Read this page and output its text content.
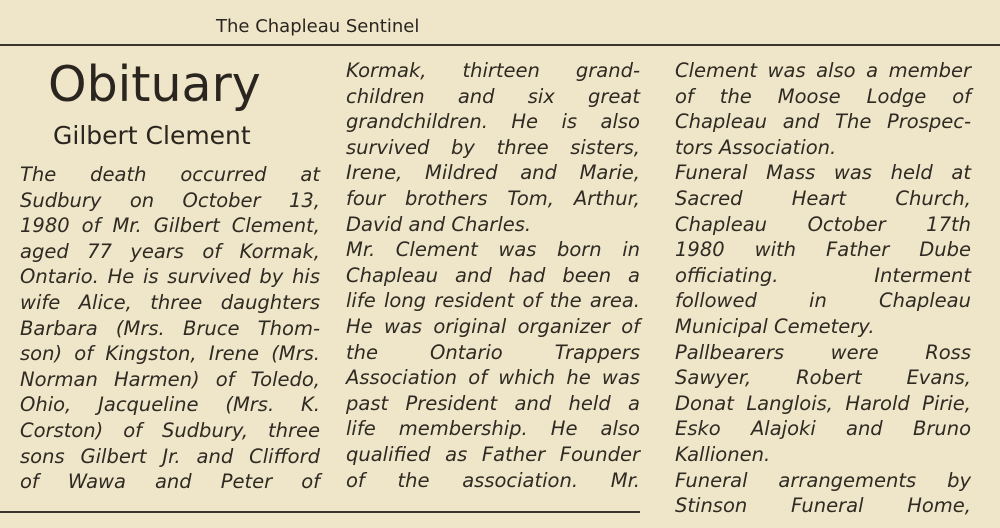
The Chapleau Sentinel
Obituary
Gilbert Clement
The death occurred at
Sudbury on October 13,
1980 of Mr. Gilbert Clement,
aged 77 years of Kormak,
Ontario. He is survived by his
wife Alice, three daughters
Barbara (Mrs. Bruce Thom-
son) of Kingston, Irene (Mrs.
Norman Harmen) of Toledo,
Ohio, Jacqueline (Mrs. K.
Corston) of Sudbury, three
sons Gilbert Jr. and Clifford
of Wawa and Peter of
Kormak, thirteen grand-
children and six great
grandchildren. He is also
survived by three sisters,
Irene, Mildred and Marie,
four brothers Tom, Arthur,
David and Charles.
Mr. Clement was born in
Chapleau and had been a
life long resident of the area.
He was original organizer of
the Ontario Trappers
Association of which he was
past President and held a
life membership. He also
qualified as Father Founder
of the association. Mr.
Clement was also a member
of the Moose Lodge of
Chapleau and The Prospec-
tors Association.
Funeral Mass was held at
Sacred Heart Church,
Chapleau October 17th
1980 with Father Dube
officiating. Interment
followed in Chapleau
Municipal Cemetery.
Pallbearers were Ross
Sawyer, Robert Evans,
Donat Langlois, Harold Pirie,
Esko Alajoki and Bruno
Kallionen.
Funeral arrangements by
Stinson Funeral Home,
